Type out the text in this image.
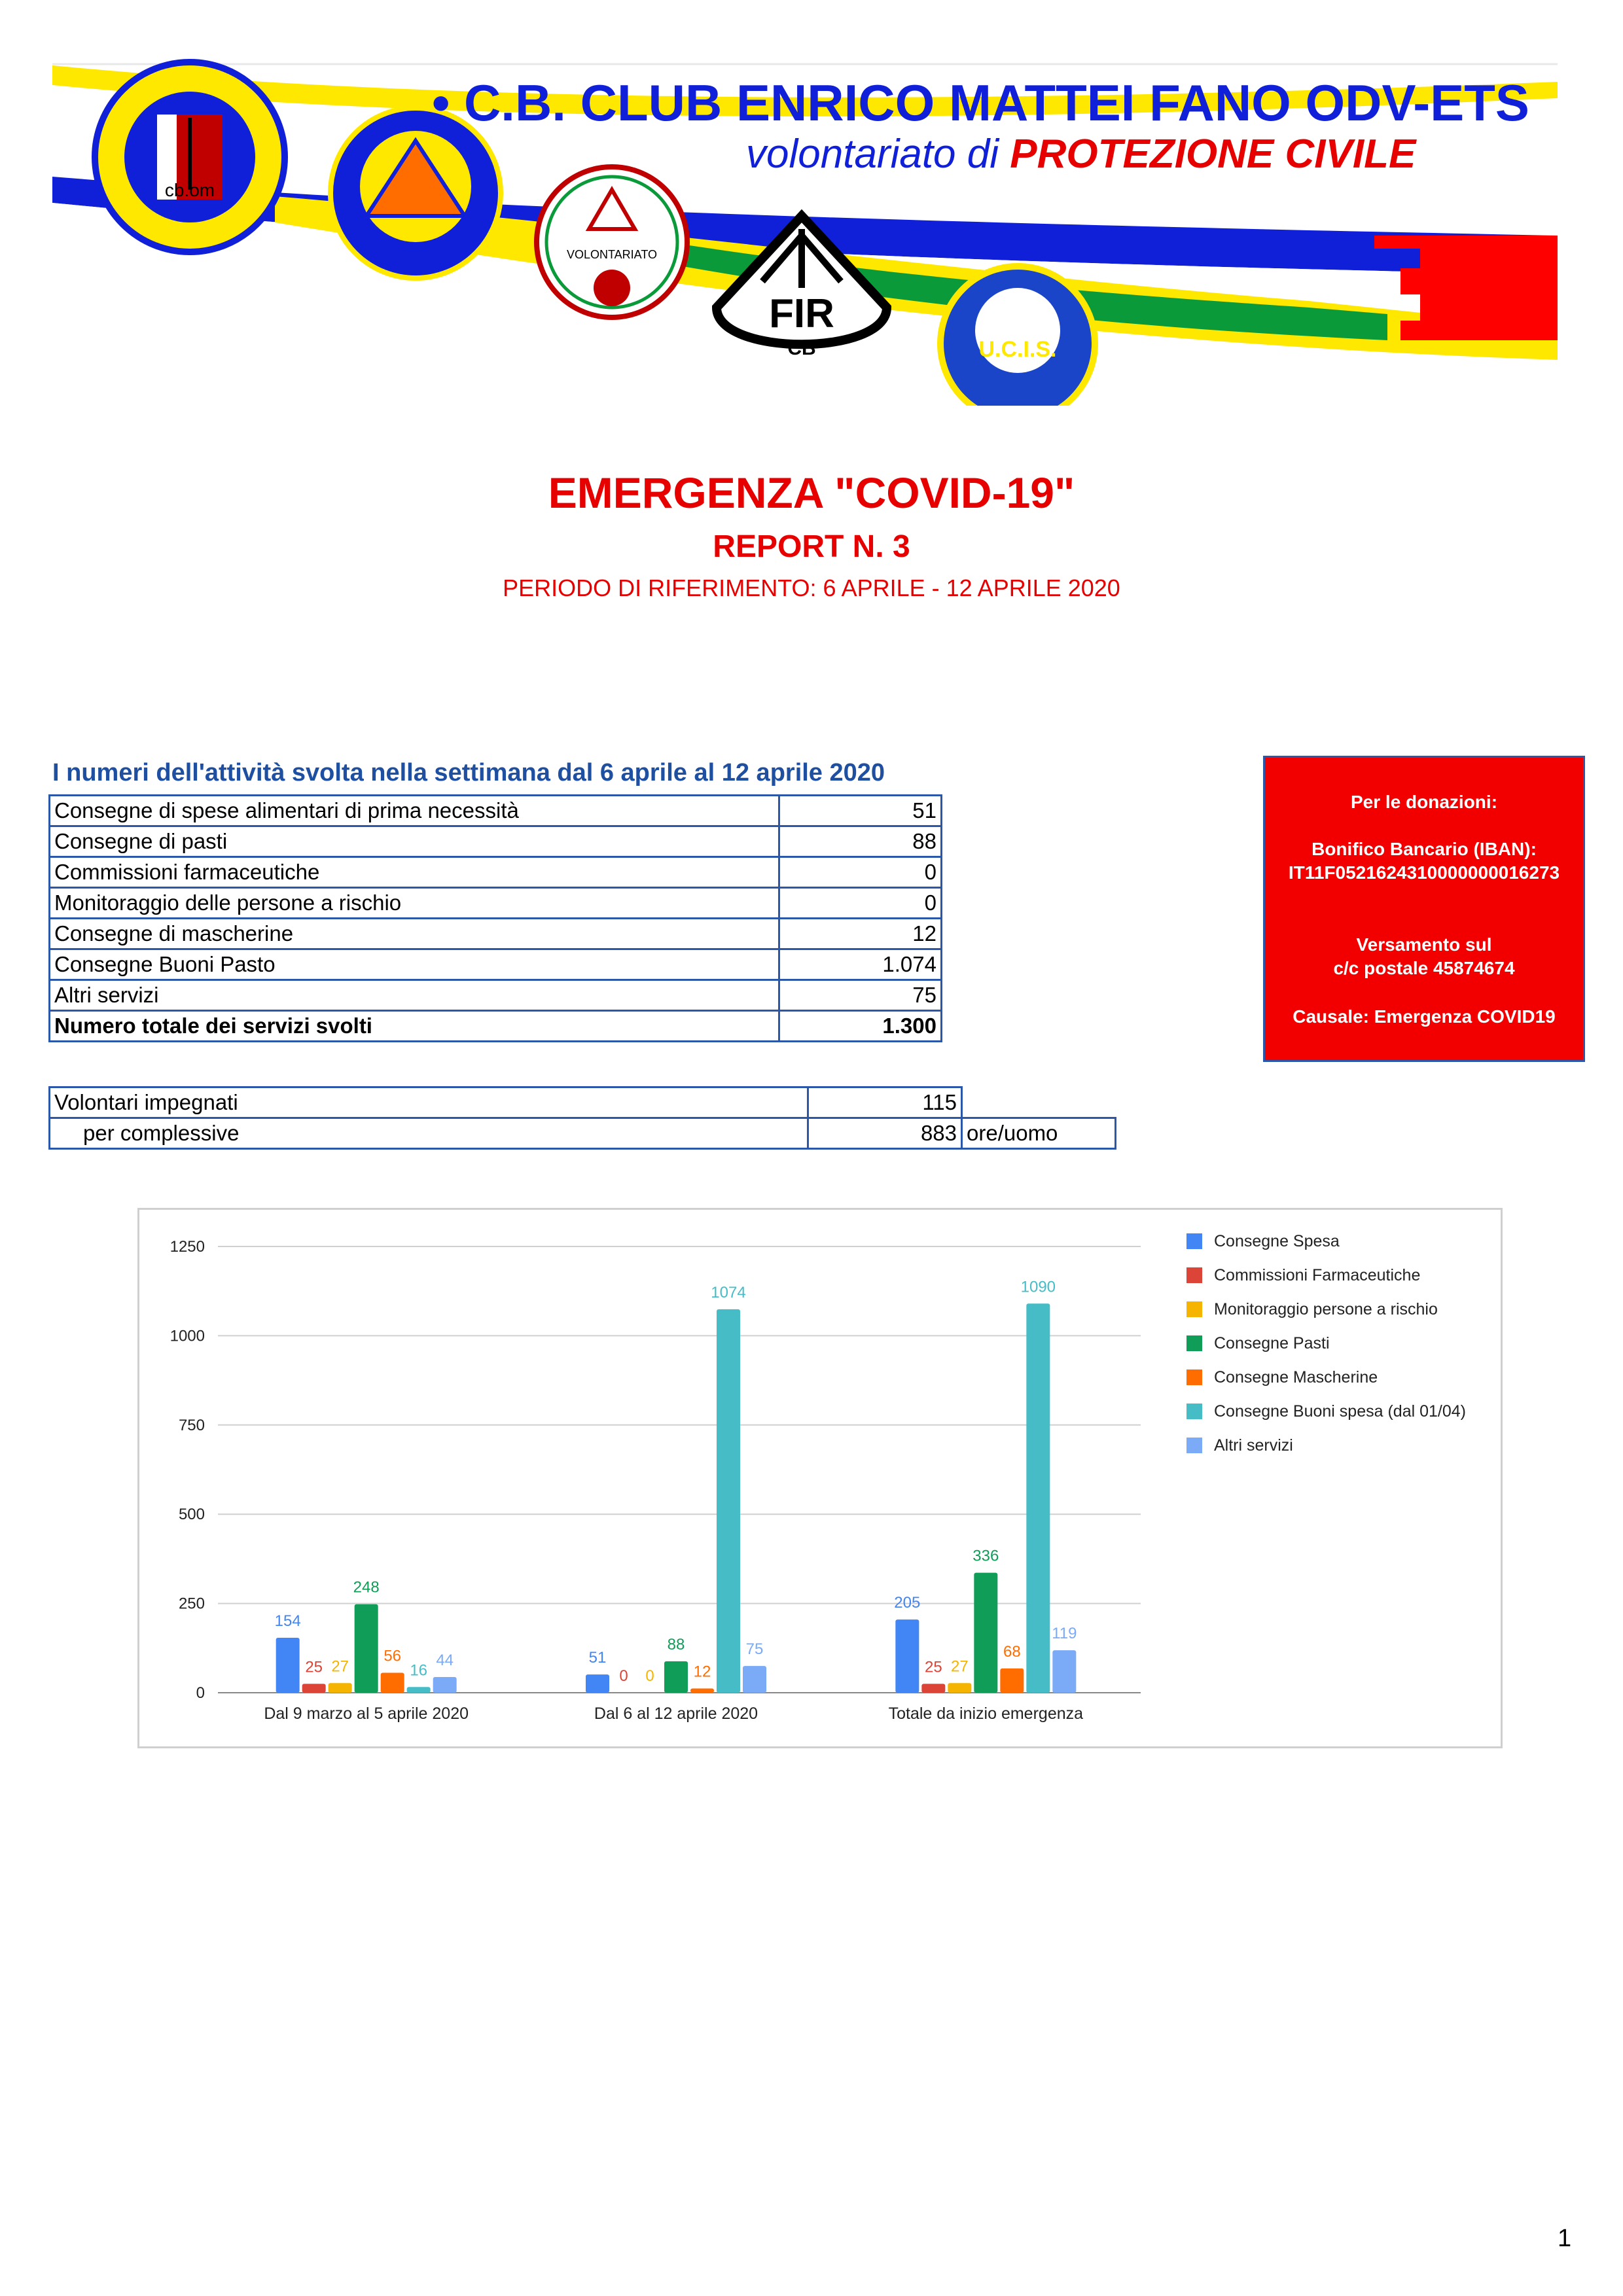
cb.om
VOLONTARIATO
FIR
CB	U.C.I.S.
• C.B. CLUB ENRICO MATTEI FANO ODV-ETS
volontariato di PROTEZIONE CIVILE
EMERGENZA "COVID-19"
REPORT N. 3
PERIODO DI RIFERIMENTO: 6 APRILE - 12 APRILE 2020
I numeri dell'attività svolta nella settimana dal 6 aprile al 12 aprile 2020
Consegne di spese alimentari di prima necessità	51
Consegne di pasti	88
Commissioni farmaceutiche	0
Monitoraggio delle persone a rischio	0
Consegne di mascherine	12
Consegne Buoni Pasto	1.074
Altri servizi	75
Numero totale dei servizi svolti	1.300
Volontari impegnati	115	
per complessive	883	ore/uomo
Per le donazioni:
Bonifico Bancario (IBAN):
IT11F0521624310000000016273
Versamento sul
c/c postale 45874674
Causale: Emergenza COVID19
0
250
500
750
1000
1250
154
25 27
248
56
16
44
Dal 9 marzo al 5 aprile 2020
51
0 0
88
12
1074
75
Dal 6 al 12 aprile 2020
205
25 27
336
68
1090
119
Totale da inizio emergenza
Consegne Spesa
Commissioni Farmaceutiche
Monitoraggio persone a rischio
Consegne Pasti
Consegne Mascherine
Consegne Buoni spesa (dal 01/04)
Altri servizi
1
